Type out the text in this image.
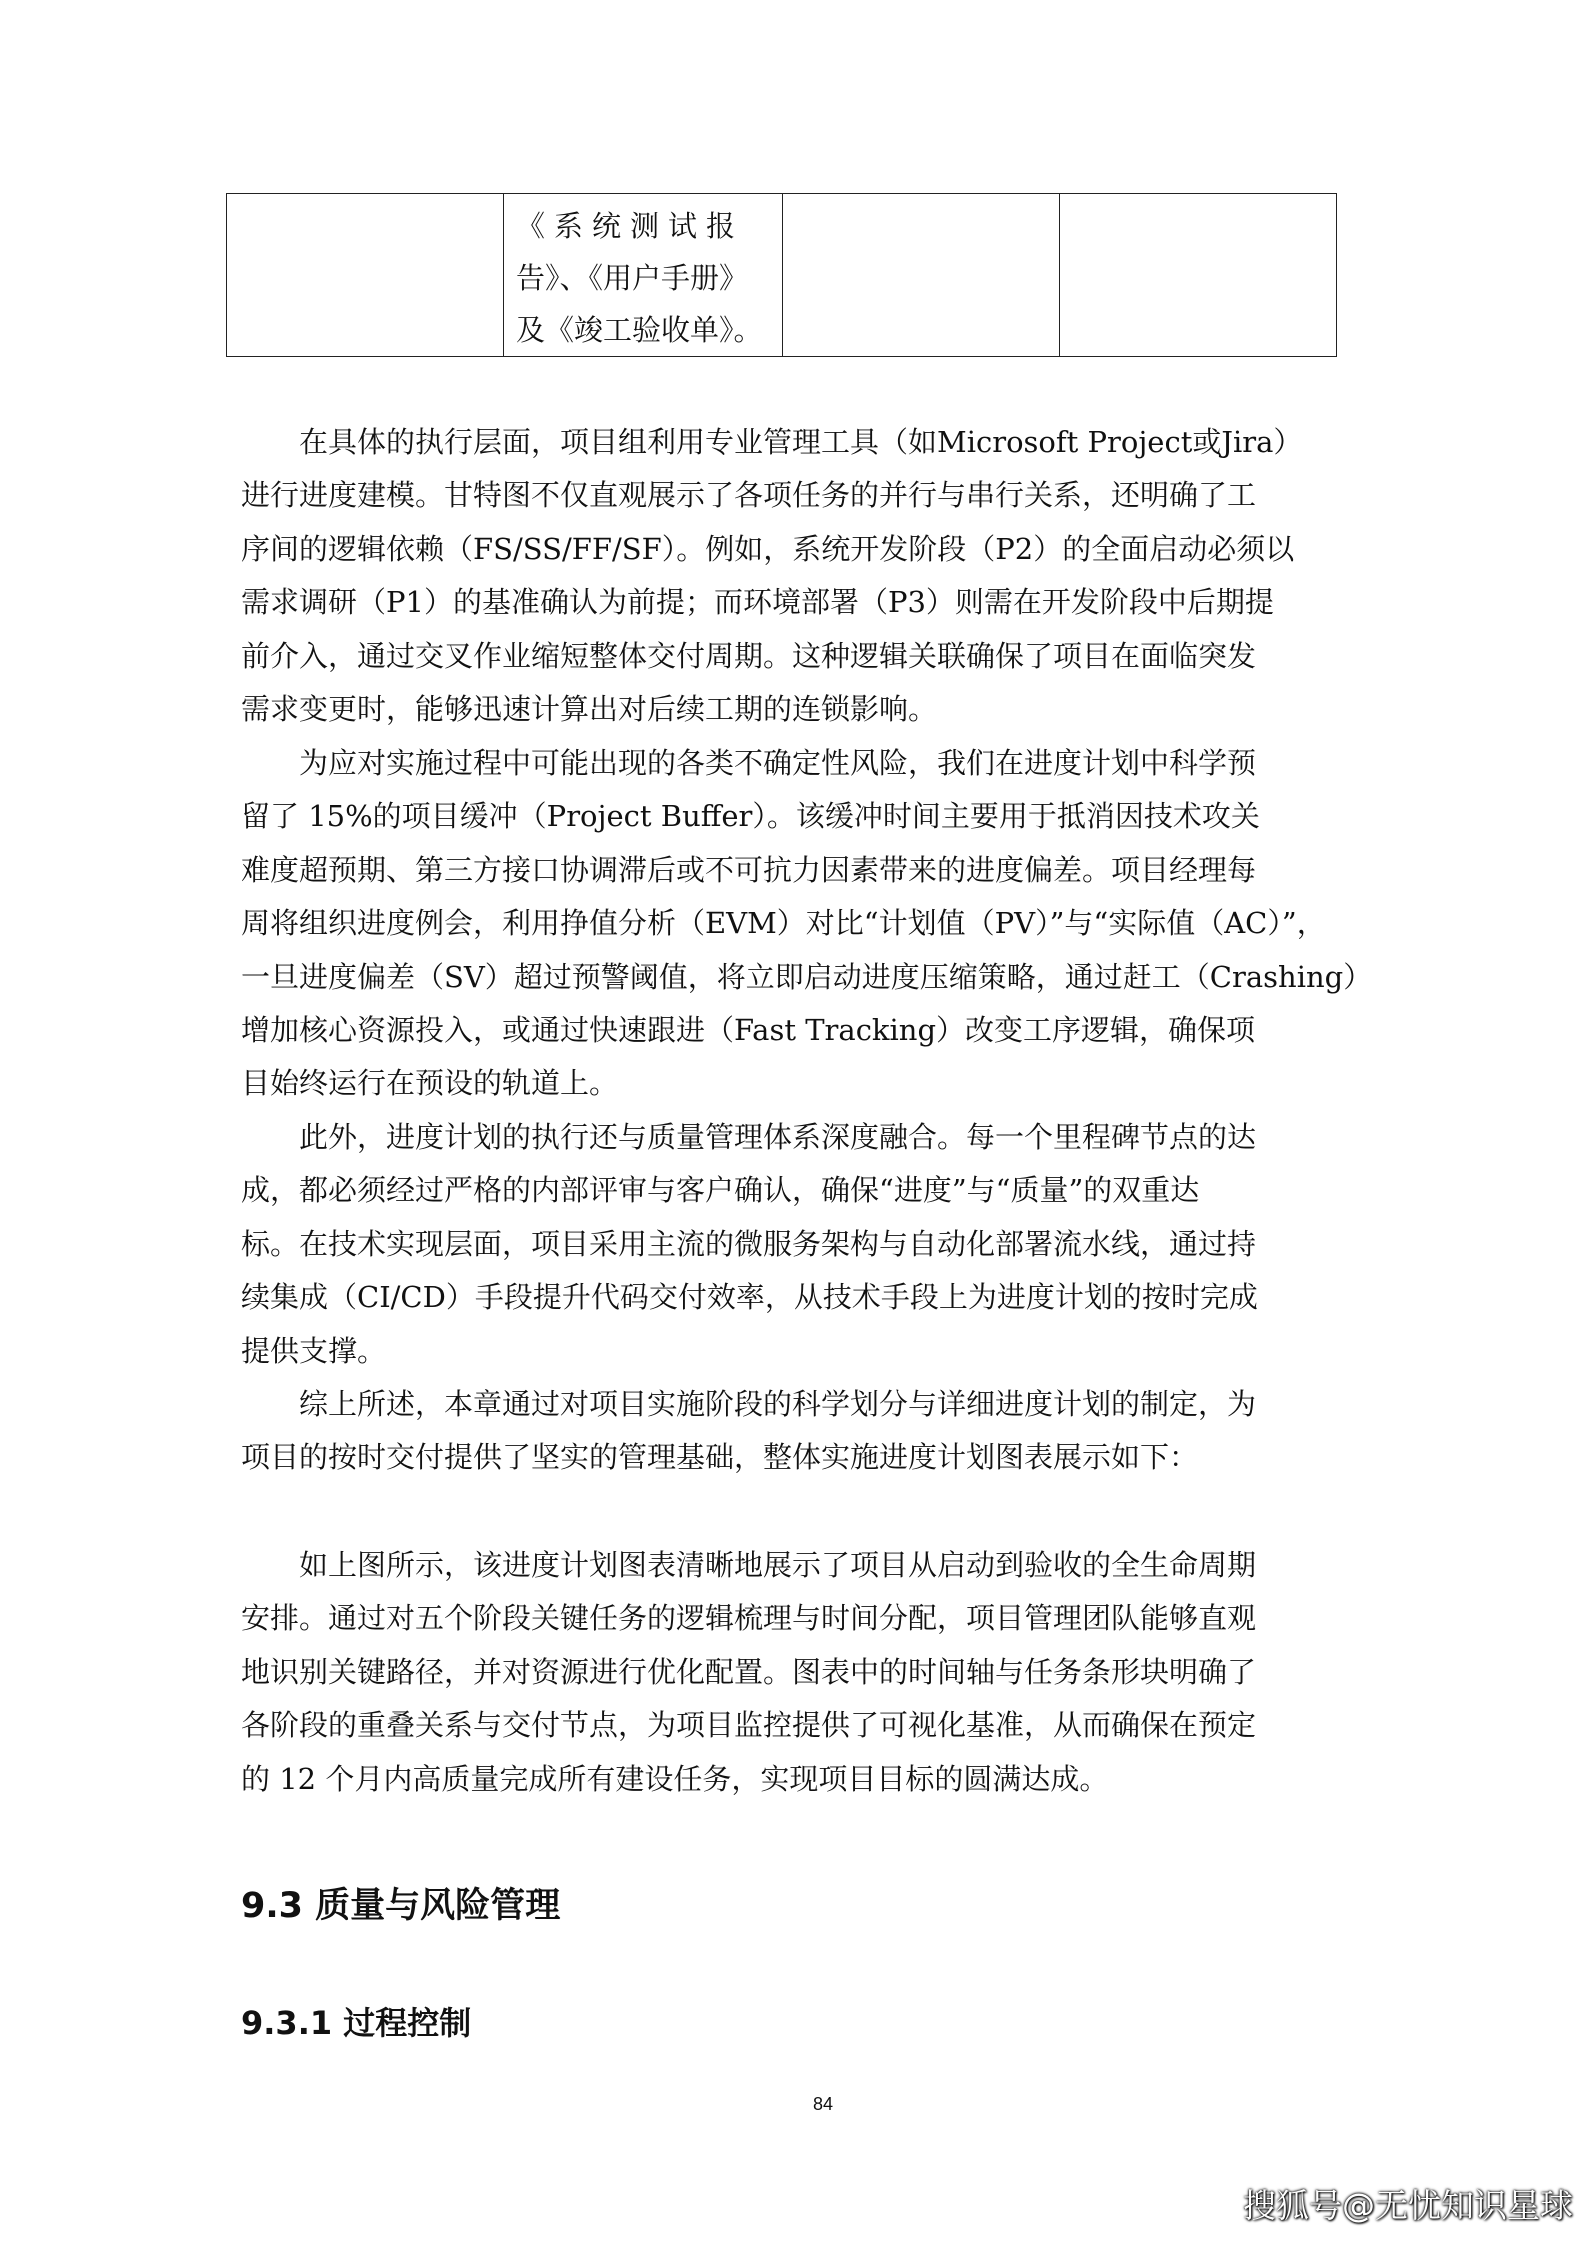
《系统测试报
告》、《用户手册》
及《竣工验收单》。

在具体的执行层面，项目组利用专业管理工具（如Microsoft Project或Jira）
进行进度建模。甘特图不仅直观展示了各项任务的并行与串行关系，还明确了工
序间的逻辑依赖（FS/SS/FF/SF）。例如，系统开发阶段（P2）的全面启动必须以
需求调研（P1）的基准确认为前提；而环境部署（P3）则需在开发阶段中后期提
前介入，通过交叉作业缩短整体交付周期。这种逻辑关联确保了项目在面临突发
需求变更时，能够迅速计算出对后续工期的连锁影响。
为应对实施过程中可能出现的各类不确定性风险，我们在进度计划中科学预
留了 15%的项目缓冲（Project Buffer）。该缓冲时间主要用于抵消因技术攻关
难度超预期、第三方接口协调滞后或不可抗力因素带来的进度偏差。项目经理每
周将组织进度例会，利用挣值分析（EVM）对比“计划值（PV）”与“实际值（AC）”，
一旦进度偏差（SV）超过预警阈值，将立即启动进度压缩策略，通过赶工（Crashing）
增加核心资源投入，或通过快速跟进（Fast Tracking）改变工序逻辑，确保项
目始终运行在预设的轨道上。
此外，进度计划的执行还与质量管理体系深度融合。每一个里程碑节点的达
成，都必须经过严格的内部评审与客户确认，确保“进度”与“质量”的双重达
标。在技术实现层面，项目采用主流的微服务架构与自动化部署流水线，通过持
续集成（CI/CD）手段提升代码交付效率，从技术手段上为进度计划的按时完成
提供支撑。
综上所述，本章通过对项目实施阶段的科学划分与详细进度计划的制定，为
项目的按时交付提供了坚实的管理基础，整体实施进度计划图表展示如下：
如上图所示，该进度计划图表清晰地展示了项目从启动到验收的全生命周期
安排。通过对五个阶段关键任务的逻辑梳理与时间分配，项目管理团队能够直观
地识别关键路径，并对资源进行优化配置。图表中的时间轴与任务条形块明确了
各阶段的重叠关系与交付节点，为项目监控提供了可视化基准，从而确保在预定
的 12 个月内高质量完成所有建设任务，实现项目目标的圆满达成。
9.3 质量与风险管理
9.3.1 过程控制
84
搜狐号@无忧知识星球
